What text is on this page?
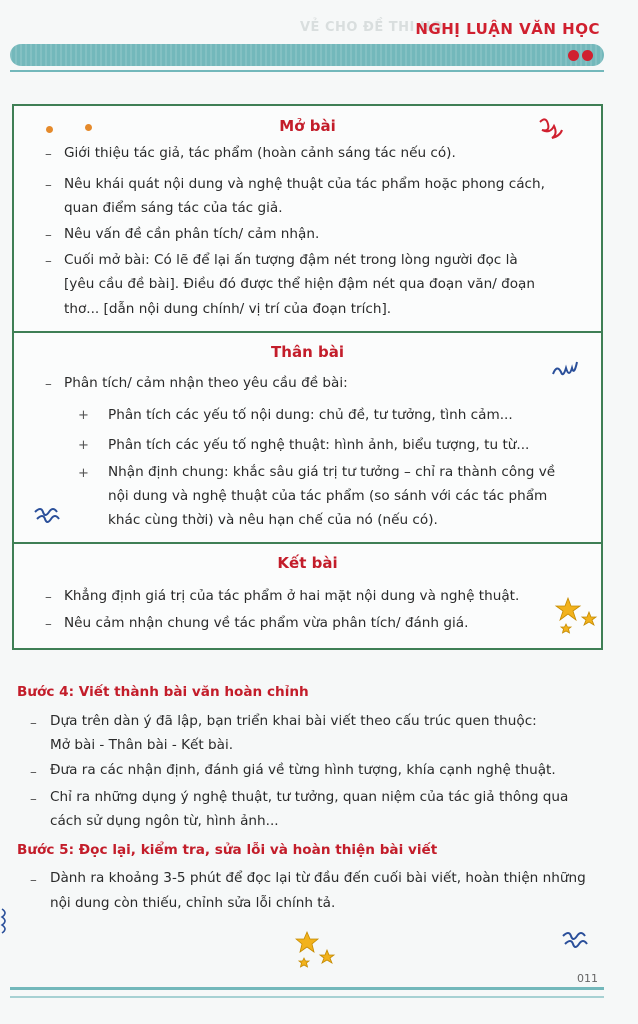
VẺ CHO ĐỀ THI HỌ
NGHỊ LUẬN VĂN HỌC
Mở bài
– Giới thiệu tác giả, tác phẩm (hoàn cảnh sáng tác nếu có).
– Nêu khái quát nội dung và nghệ thuật của tác phẩm hoặc phong cách,
quan điểm sáng tác của tác giả.
– Nêu vấn đề cần phân tích/ cảm nhận.
– Cuối mở bài: Có lẽ để lại ấn tượng đậm nét trong lòng người đọc là
[yêu cầu đề bài]. Điều đó được thể hiện đậm nét qua đoạn văn/ đoạn
thơ... [dẫn nội dung chính/ vị trí của đoạn trích].
Thân bài
– Phân tích/ cảm nhận theo yêu cầu đề bài:
+ Phân tích các yếu tố nội dung: chủ đề, tư tưởng, tình cảm...
+ Phân tích các yếu tố nghệ thuật: hình ảnh, biểu tượng, tu từ...
+ Nhận định chung: khắc sâu giá trị tư tưởng – chỉ ra thành công về
nội dung và nghệ thuật của tác phẩm (so sánh với các tác phẩm
khác cùng thời) và nêu hạn chế của nó (nếu có).
Kết bài
– Khẳng định giá trị của tác phẩm ở hai mặt nội dung và nghệ thuật.
– Nêu cảm nhận chung về tác phẩm vừa phân tích/ đánh giá.
Bước 4: Viết thành bài văn hoàn chỉnh
– Dựa trên dàn ý đã lập, bạn triển khai bài viết theo cấu trúc quen thuộc:
Mở bài - Thân bài - Kết bài.
– Đưa ra các nhận định, đánh giá về từng hình tượng, khía cạnh nghệ thuật.
– Chỉ ra những dụng ý nghệ thuật, tư tưởng, quan niệm của tác giả thông qua
cách sử dụng ngôn từ, hình ảnh...
Bước 5: Đọc lại, kiểm tra, sửa lỗi và hoàn thiện bài viết
– Dành ra khoảng 3-5 phút để đọc lại từ đầu đến cuối bài viết, hoàn thiện những
nội dung còn thiếu, chỉnh sửa lỗi chính tả.
011
